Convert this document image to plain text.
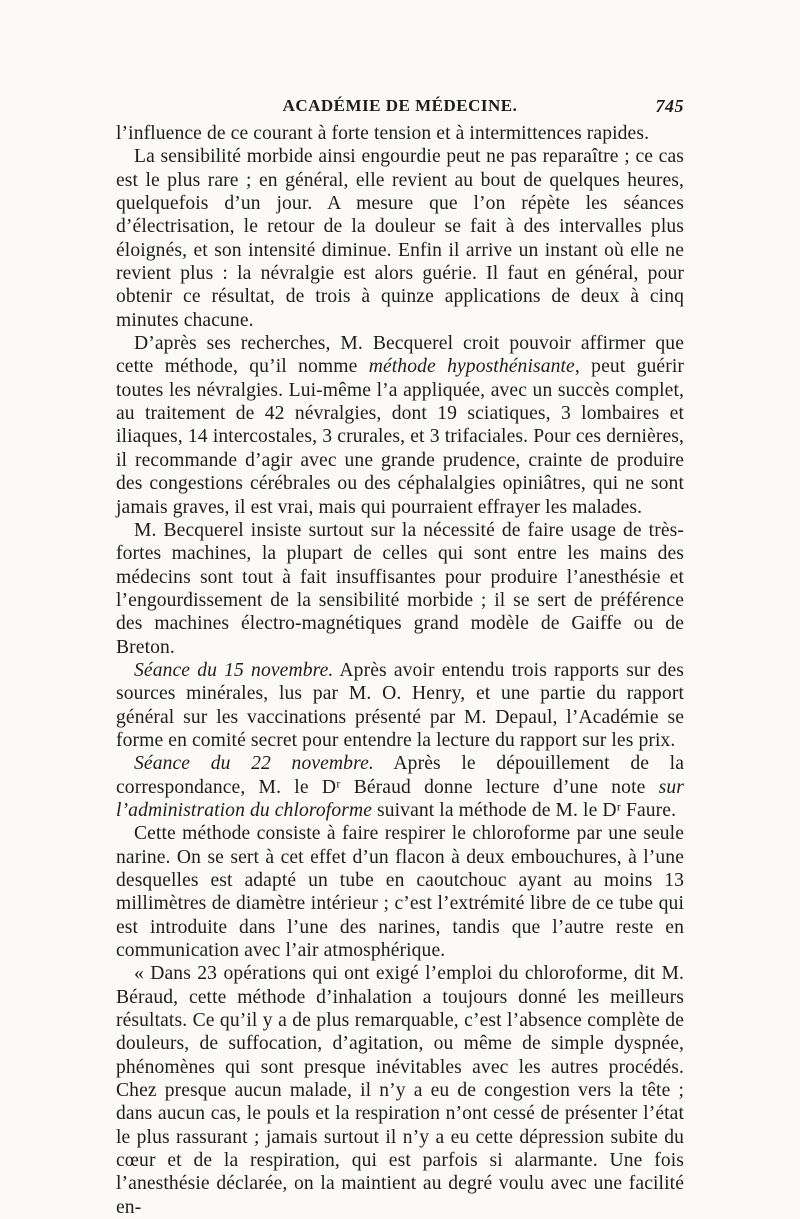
ACADÉMIE DE MÉDECINE.	745

l’influence de ce courant à forte tension et à intermittences rapides.

La sensibilité morbide ainsi engourdie peut ne pas reparaître ; ce cas est le plus rare ; en général, elle revient au bout de quelques heures, quelquefois d’un jour. A mesure que l’on répète les séances d’électrisation, le retour de la douleur se fait à des intervalles plus éloignés, et son intensité diminue. Enfin il arrive un instant où elle ne revient plus : la névralgie est alors guérie. Il faut en général, pour obtenir ce résultat, de trois à quinze applications de deux à cinq minutes chacune.

D’après ses recherches, M. Becquerel croit pouvoir affirmer que cette méthode, qu’il nomme méthode hyposthénisante, peut guérir toutes les névralgies. Lui-même l’a appliquée, avec un succès complet, au traitement de 42 névralgies, dont 19 sciatiques, 3 lombaires et iliaques, 14 intercostales, 3 crurales, et 3 trifaciales. Pour ces dernières, il recommande d’agir avec une grande prudence, crainte de produire des congestions cérébrales ou des céphalalgies opiniâtres, qui ne sont jamais graves, il est vrai, mais qui pourraient effrayer les malades.

M. Becquerel insiste surtout sur la nécessité de faire usage de très-fortes machines, la plupart de celles qui sont entre les mains des médecins sont tout à fait insuffisantes pour produire l’anesthésie et l’engourdissement de la sensibilité morbide ; il se sert de préférence des machines électro-magnétiques grand modèle de Gaiffe ou de Breton.

Séance du 15 novembre. Après avoir entendu trois rapports sur des sources minérales, lus par M. O. Henry, et une partie du rapport général sur les vaccinations présenté par M. Depaul, l’Académie se forme en comité secret pour entendre la lecture du rapport sur les prix.

Séance du 22 novembre. Après le dépouillement de la correspondance, M. le Dʳ Béraud donne lecture d’une note sur l’administration du chloroforme suivant la méthode de M. le Dʳ Faure.

Cette méthode consiste à faire respirer le chloroforme par une seule narine. On se sert à cet effet d’un flacon à deux embouchures, à l’une desquelles est adapté un tube en caoutchouc ayant au moins 13 millimètres de diamètre intérieur ; c’est l’extrémité libre de ce tube qui est introduite dans l’une des narines, tandis que l’autre reste en communication avec l’air atmosphérique.

« Dans 23 opérations qui ont exigé l’emploi du chloroforme, dit M. Béraud, cette méthode d’inhalation a toujours donné les meilleurs résultats. Ce qu’il y a de plus remarquable, c’est l’absence complète de douleurs, de suffocation, d’agitation, ou même de simple dyspnée, phénomènes qui sont presque inévitables avec les autres procédés. Chez presque aucun malade, il n’y a eu de congestion vers la tête ; dans aucun cas, le pouls et la respiration n’ont cessé de présenter l’état le plus rassurant ; jamais surtout il n’y a eu cette dépression subite du cœur et de la respiration, qui est parfois si alarmante. Une fois l’anesthésie déclarée, on la maintient au degré voulu avec une facilité en-
